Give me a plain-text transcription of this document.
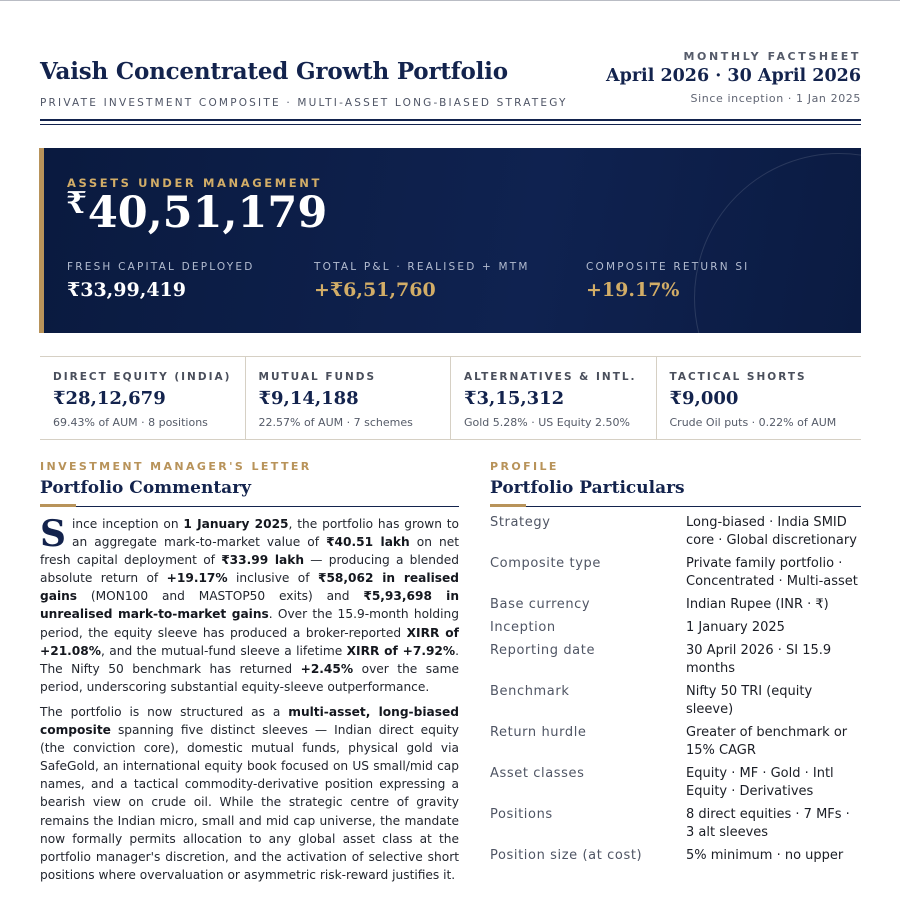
Vaish Concentrated Growth Portfolio
PRIVATE INVESTMENT COMPOSITE · MULTI-ASSET LONG-BIASED STRATEGY
MONTHLY FACTSHEET
April 2026 · 30 April 2026
Since inception · 1 Jan 2025
ASSETS UNDER MANAGEMENT
₹40,51,179
FRESH CAPITAL DEPLOYED
₹33,99,419
TOTAL P&L · REALISED + MTM
+₹6,51,760
COMPOSITE RETURN SI
+19.17%
DIRECT EQUITY (INDIA)
₹28,12,679
69.43% of AUM · 8 positions
MUTUAL FUNDS
₹9,14,188
22.57% of AUM · 7 schemes
ALTERNATIVES & INTL.
₹3,15,312
Gold 5.28% · US Equity 2.50%
TACTICAL SHORTS
₹9,000
Crude Oil puts · 0.22% of AUM
INVESTMENT MANAGER'S LETTER
Portfolio Commentary

Since inception on 1 January 2025, the portfolio has grown to an aggregate mark-to-market value of ₹40.51 lakh on net fresh capital deployment of ₹33.99 lakh — producing a blended absolute return of +19.17% inclusive of ₹58,062 in realised gains (MON100 and MASTOP50 exits) and ₹5,93,698 in unrealised mark-to-market gains. Over the 15.9-month holding period, the equity sleeve has produced a broker-reported XIRR of +21.08%, and the mutual-fund sleeve a lifetime XIRR of +7.92%. The Nifty 50 benchmark has returned +2.45% over the same period, underscoring substantial equity-sleeve outperformance.

The portfolio is now structured as a multi-asset, long-biased composite spanning five distinct sleeves — Indian direct equity (the conviction core), domestic mutual funds, physical gold via SafeGold, an international equity book focused on US small/mid cap names, and a tactical commodity-derivative position expressing a bearish view on crude oil. While the strategic centre of gravity remains the Indian micro, small and mid cap universe, the mandate now formally permits allocation to any global asset class at the portfolio manager's discretion, and the activation of selective short positions where overvaluation or asymmetric risk-reward justifies it.

PROFILE
Portfolio Particulars
Strategy	Long-biased · India SMID core · Global discretionary
Composite type	Private family portfolio · Concentrated · Multi-asset
Base currency	Indian Rupee (INR · ₹)
Inception	1 January 2025
Reporting date	30 April 2026 · SI 15.9 months
Benchmark	Nifty 50 TRI (equity sleeve)
Return hurdle	Greater of benchmark or 15% CAGR
Asset classes	Equity · MF · Gold · Intl Equity · Derivatives
Positions	8 direct equities · 7 MFs · 3 alt sleeves
Position size (at cost)	5% minimum · no upper
